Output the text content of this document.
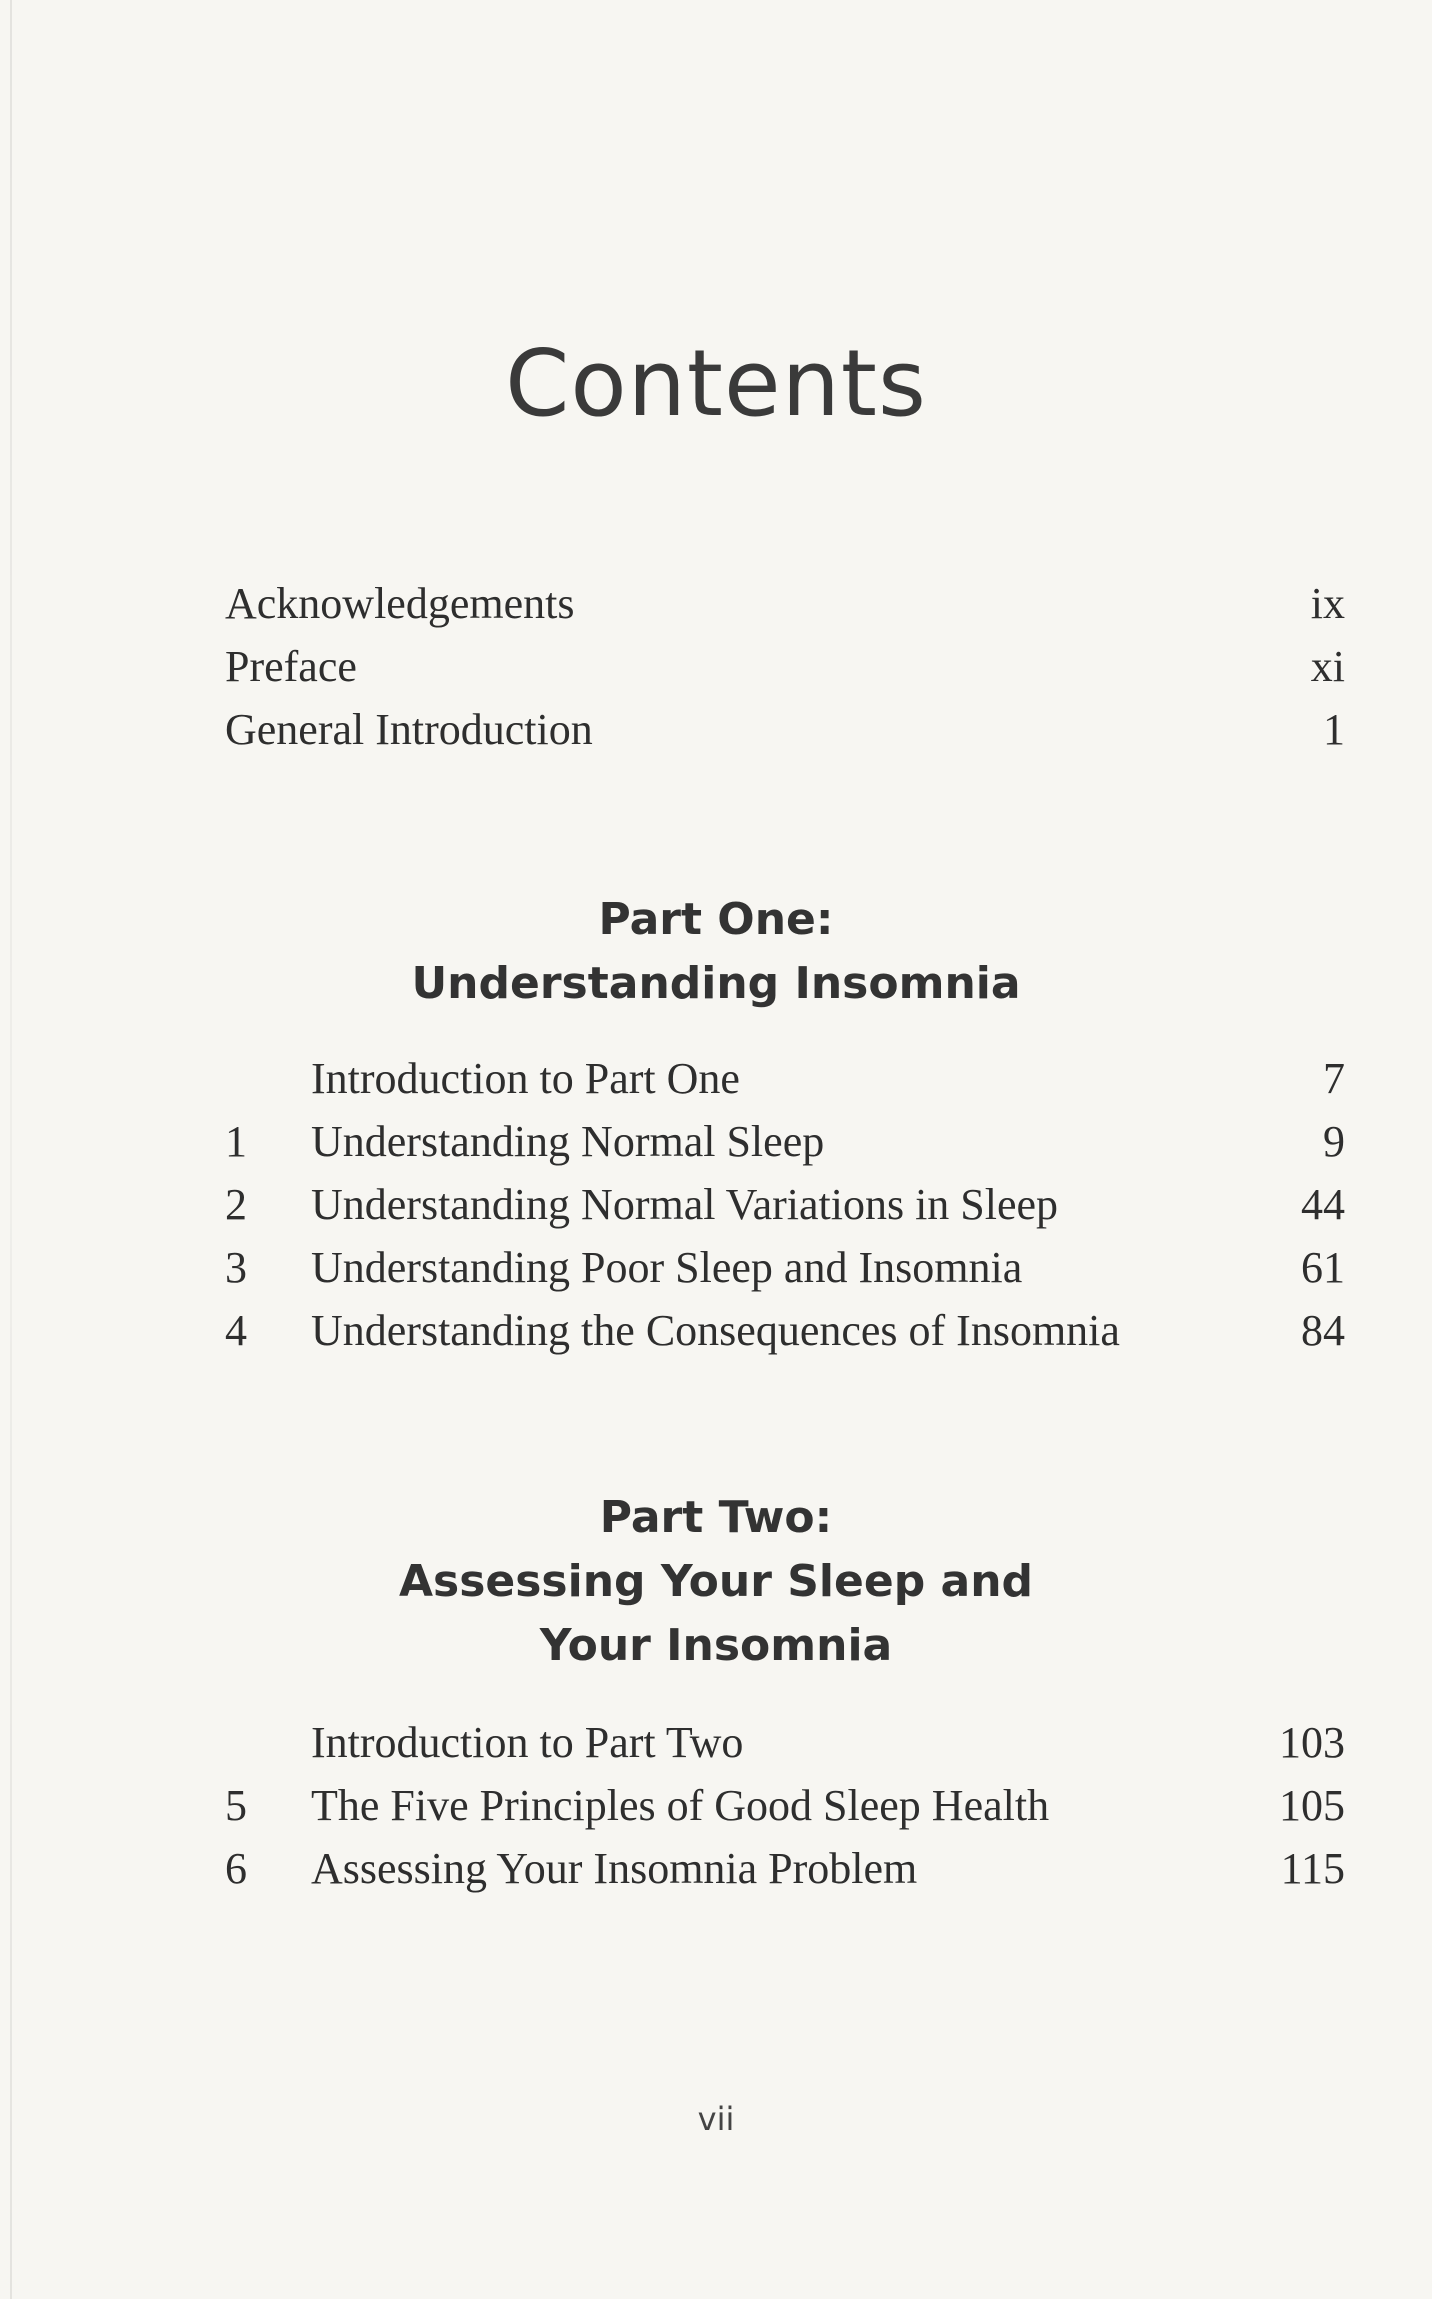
Contents
Acknowledgements	ix
Preface	xi
General Introduction	1
Part One:
Understanding Insomnia
Introduction to Part One	7
1	Understanding Normal Sleep	9
2	Understanding Normal Variations in Sleep	44
3	Understanding Poor Sleep and Insomnia	61
4	Understanding the Consequences of Insomnia	84
Part Two:
Assessing Your Sleep and
Your Insomnia
Introduction to Part Two	103
5	The Five Principles of Good Sleep Health	105
6	Assessing Your Insomnia Problem	115
vii
